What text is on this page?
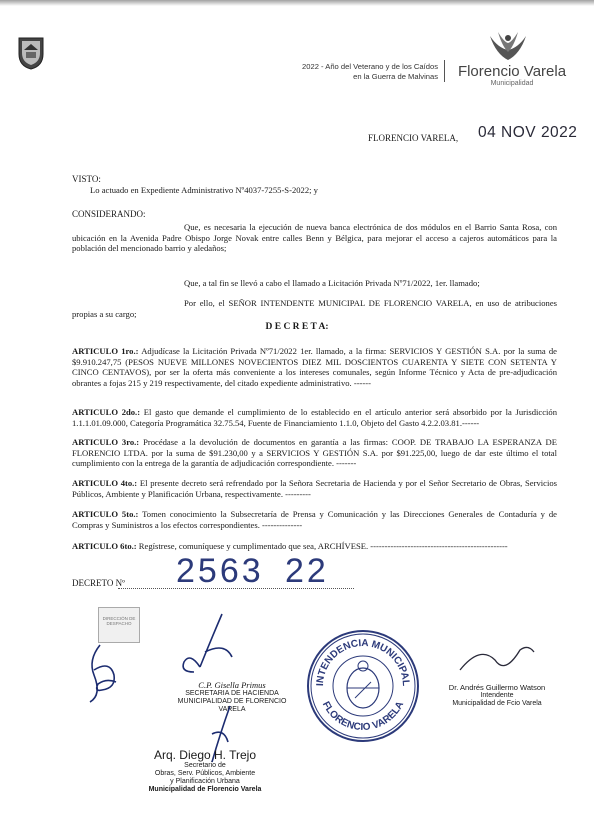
2022 - Año del Veterano y de los Caídos
en la Guerra de Malvinas	Florencio Varela
Municipalidad
FLORENCIO VARELA, 04 NOV 2022
VISTO:
Lo actuado en Expediente Administrativo Nº4037-7255-S-2022; y
CONSIDERANDO:
Que, es necesaria la ejecución de nueva banca electrónica de dos módulos en el Barrio Santa Rosa, con ubicación en la Avenida Padre Obispo Jorge Novak entre calles Benn y Bélgica, para mejorar el acceso a cajeros automáticos para la población del mencionado barrio y aledaños;
Que, a tal fin se llevó a cabo el llamado a Licitación Privada Nº71/2022, 1er. llamado;
Por ello, el SEÑOR INTENDENTE MUNICIPAL DE FLORENCIO VARELA, en uso de atribuciones propias a su cargo;
D E C R E T A:
ARTICULO 1ro.: Adjudícase la Licitación Privada Nº71/2022 1er. llamado, a la firma: SERVICIOS Y GESTIÓN S.A. por la suma de $9.910.247,75 (PESOS NUEVE MILLONES NOVECIENTOS DIEZ MIL DOSCIENTOS CUARENTA Y SIETE CON SETENTA Y CINCO CENTAVOS), por ser la oferta más conveniente a los intereses comunales, según Informe Técnico y Acta de pre-adjudicación obrantes a fojas 215 y 219 respectivamente, del citado expediente administrativo. ------
ARTICULO 2do.: El gasto que demande el cumplimiento de lo establecido en el artículo anterior será absorbido por la Jurisdicción 1.1.1.01.09.000, Categoría Programática 32.75.54, Fuente de Financiamiento 1.1.0, Objeto del Gasto 4.2.2.03.81.------
ARTICULO 3ro.: Procédase a la devolución de documentos en garantía a las firmas: COOP. DE TRABAJO LA ESPERANZA DE FLORENCIO LTDA. por la suma de $91.230,00 y a SERVICIOS Y GESTIÓN S.A. por $91.225,00, luego de dar este último el total cumplimiento con la entrega de la garantía de adjudicación correspondiente. -------
ARTICULO 4to.: El presente decreto será refrendado por la Señora Secretaria de Hacienda y por el Señor Secretario de Obras, Servicios Públicos, Ambiente y Planificación Urbana, respectivamente. ---------
ARTICULO 5to.: Tomen conocimiento la Subsecretaría de Prensa y Comunicación y las Direcciones Generales de Contaduría y de Compras y Suministros a los efectos correspondientes. --------------
ARTICULO 6to.: Regístrese, comuníquese y cumplimentado que sea, ARCHÍVESE. ------------------------------------------------
DECRETO Nº 2563 22
DIRECCIÓN DE
DESPACHO
C.P. Gisella Primus
SECRETARIA DE HACIENDA
MUNICIPALIDAD DE FLORENCIO VARELA
INTENDENCIA MUNICIPAL
FLORENCIO VARELA
Dr. Andrés Guillermo Watson
Intendente
Municipalidad de Fcio Varela
Arq. Diego H. Trejo
Secretario de
Obras, Serv. Públicos, Ambiente
y Planificación Urbana
Municipalidad de Florencio Varela
